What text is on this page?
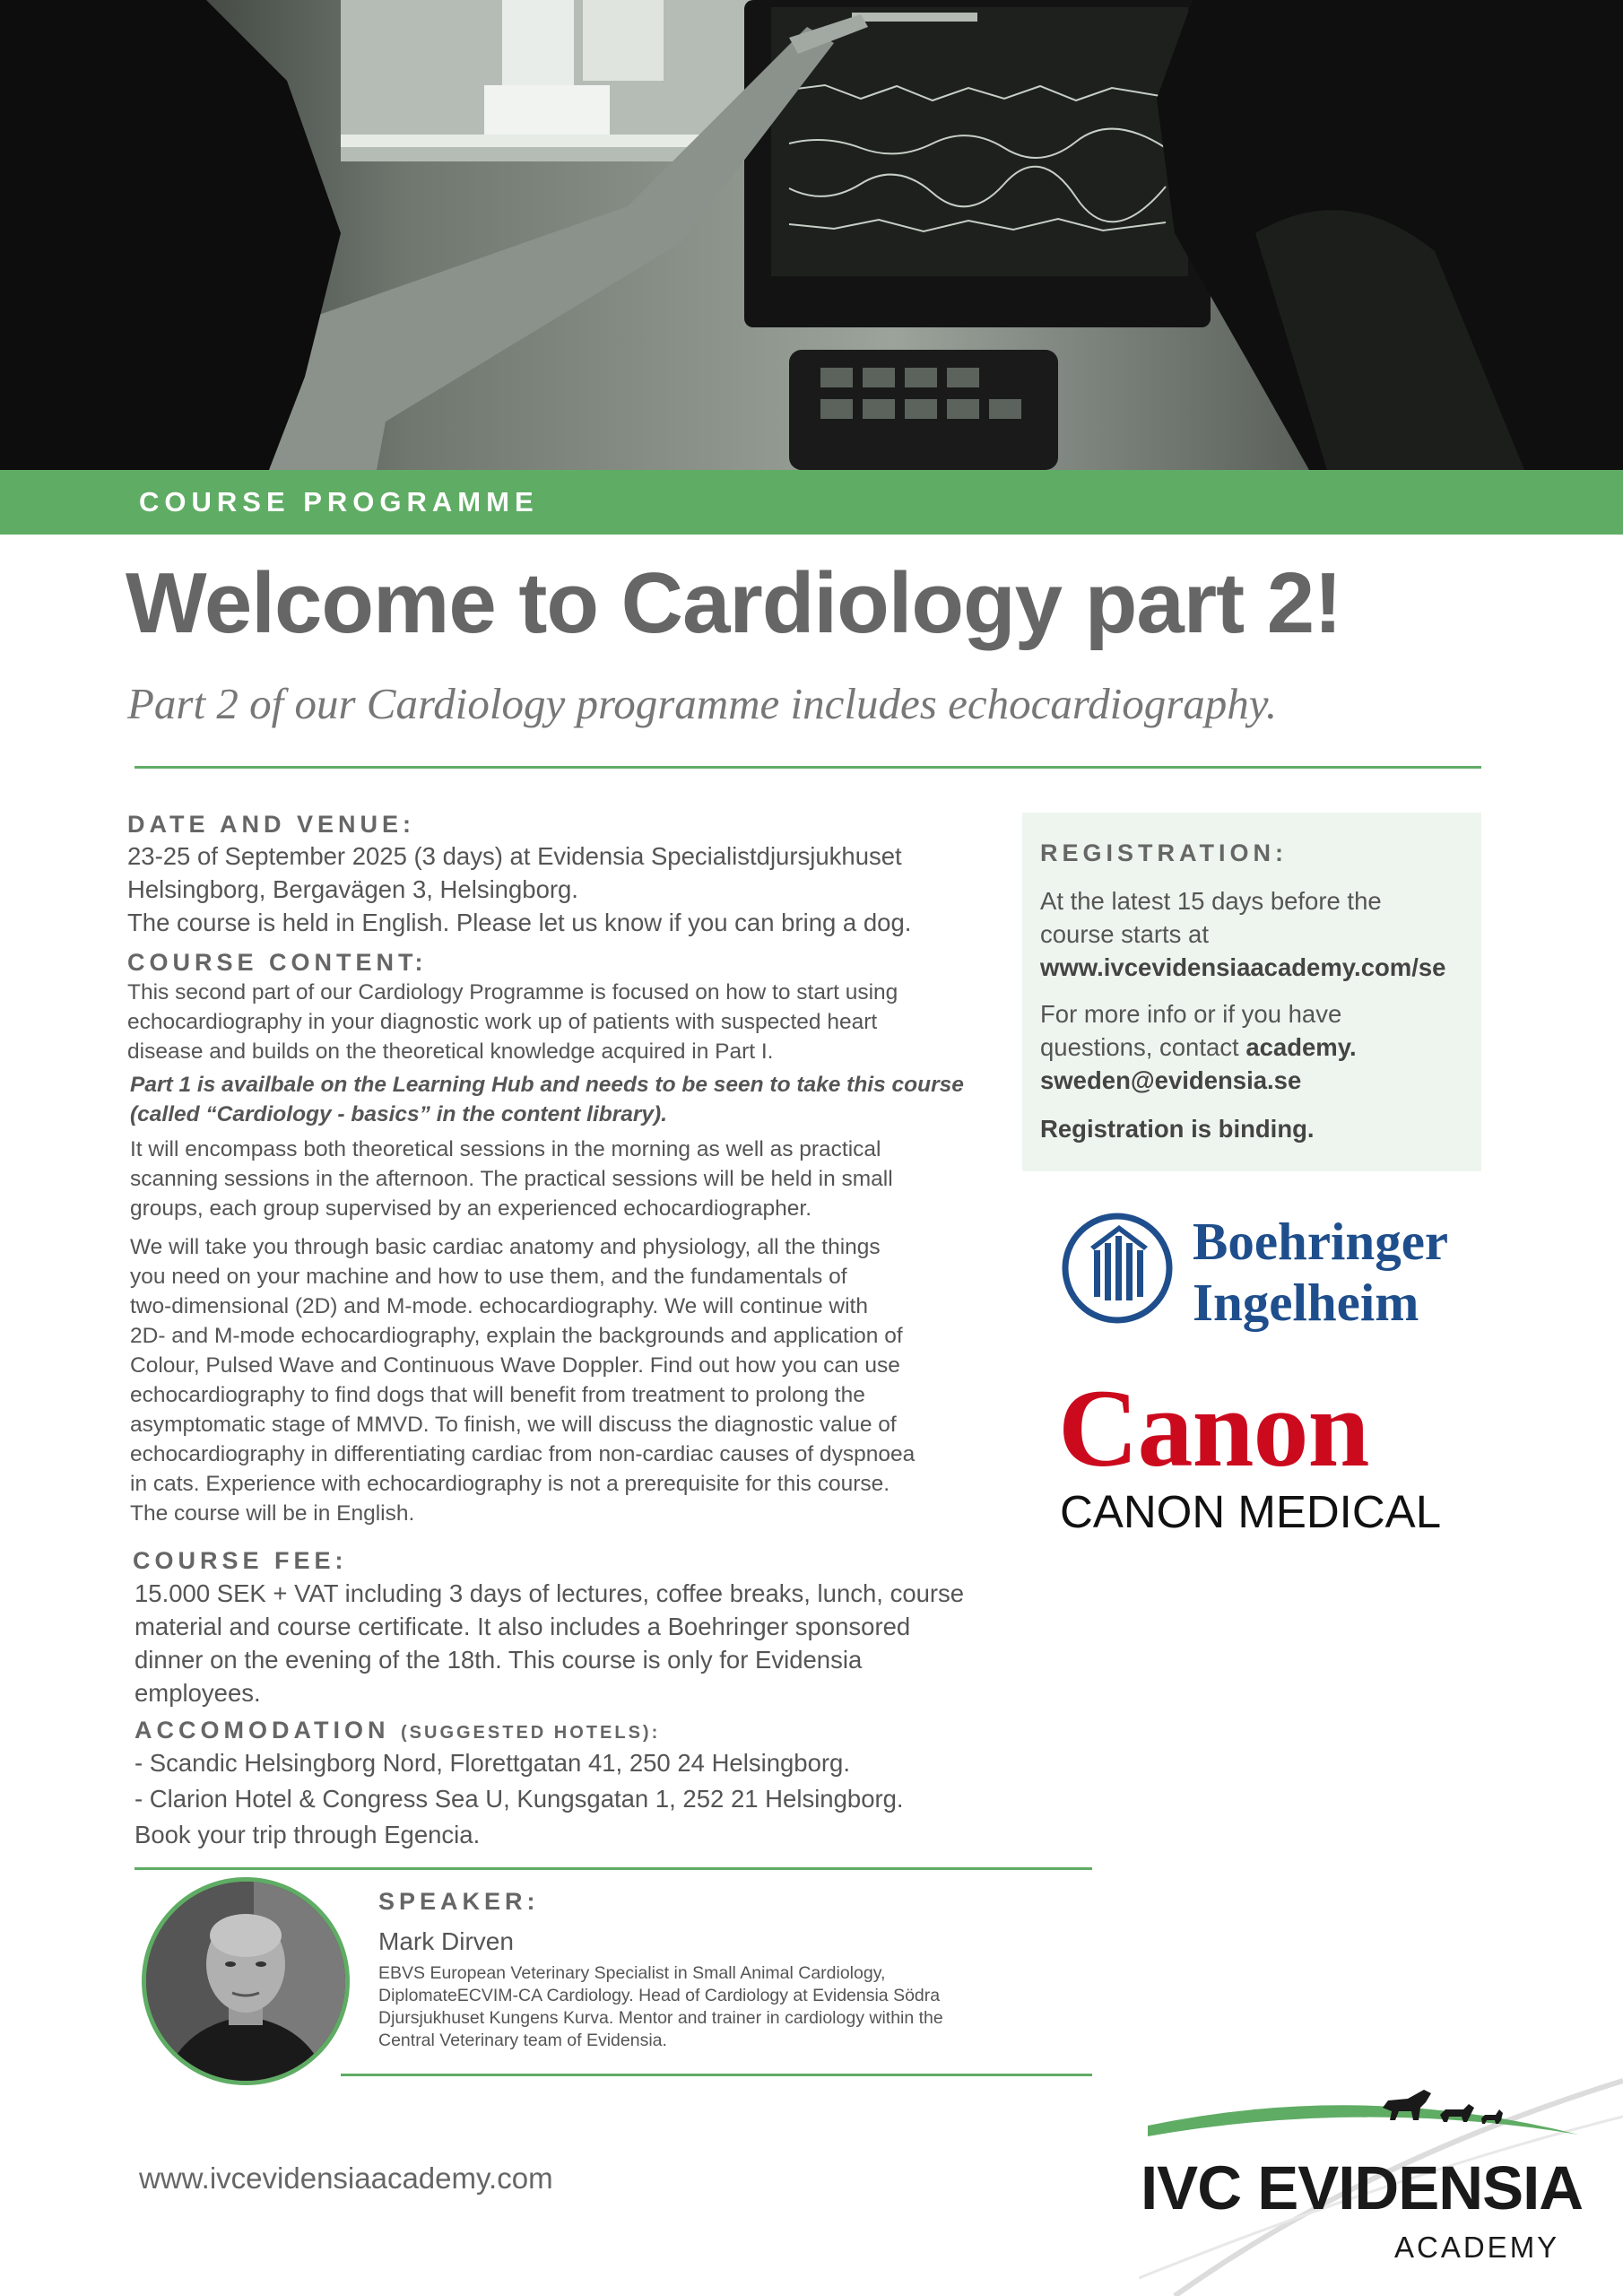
COURSE PROGRAMME
Welcome to Cardiology part 2!
Part 2 of our Cardiology programme includes echocardiography.
DATE AND VENUE:
23-25 of September 2025 (3 days) at Evidensia Specialistdjursjukhuset
Helsingborg, Bergavägen 3, Helsingborg.
The course is held in English. Please let us know if you can bring a dog.
COURSE CONTENT:
This second part of our Cardiology Programme is focused on how to start using
echocardiography in your diagnostic work up of patients with suspected heart
disease and builds on the theoretical knowledge acquired in Part I.
Part 1 is availbale on the Learning Hub and needs to be seen to take this course
(called “Cardiology - basics” in the content library).
It will encompass both theoretical sessions in the morning as well as practical
scanning sessions in the afternoon. The practical sessions will be held in small
groups, each group supervised by an experienced echocardiographer.
We will take you through basic cardiac anatomy and physiology, all the things
you need on your machine and how to use them, and the fundamentals of
two-dimensional (2D) and M-mode. echocardiography. We will continue with
2D- and M-mode echocardiography, explain the backgrounds and application of
Colour, Pulsed Wave and Continuous Wave Doppler. Find out how you can use
echocardiography to find dogs that will benefit from treatment to prolong the
asymptomatic stage of MMVD. To finish, we will discuss the diagnostic value of
echocardiography in differentiating cardiac from non-cardiac causes of dyspnoea
in cats. Experience with echocardiography is not a prerequisite for this course.
The course will be in English.
COURSE FEE:
15.000 SEK + VAT including 3 days of lectures, coffee breaks, lunch, course
material and course certificate. It also includes a Boehringer sponsored
dinner on the evening of the 18th. This course is only for Evidensia
employees.
ACCOMODATION (SUGGESTED HOTELS):
- Scandic Helsingborg Nord, Florettgatan 41, 250 24 Helsingborg.
- Clarion Hotel & Congress Sea U, Kungsgatan 1, 252 21 Helsingborg.
Book your trip through Egencia.
REGISTRATION:
At the latest 15 days before the
course starts at
www.ivcevidensiaacademy.com/se
For more info or if you have
questions, contact academy.
sweden@evidensia.se
Registration is binding.
Boehringer
Ingelheim
Canon
CANON MEDICAL
SPEAKER:
Mark Dirven
EBVS European Veterinary Specialist in Small Animal Cardiology,
DiplomateECVIM-CA Cardiology. Head of Cardiology at Evidensia Södra
Djursjukhuset Kungens Kurva. Mentor and trainer in cardiology within the
Central Veterinary team of Evidensia.
www.ivcevidensiaacademy.com	IVC EVIDENSIA
ACADEMY
